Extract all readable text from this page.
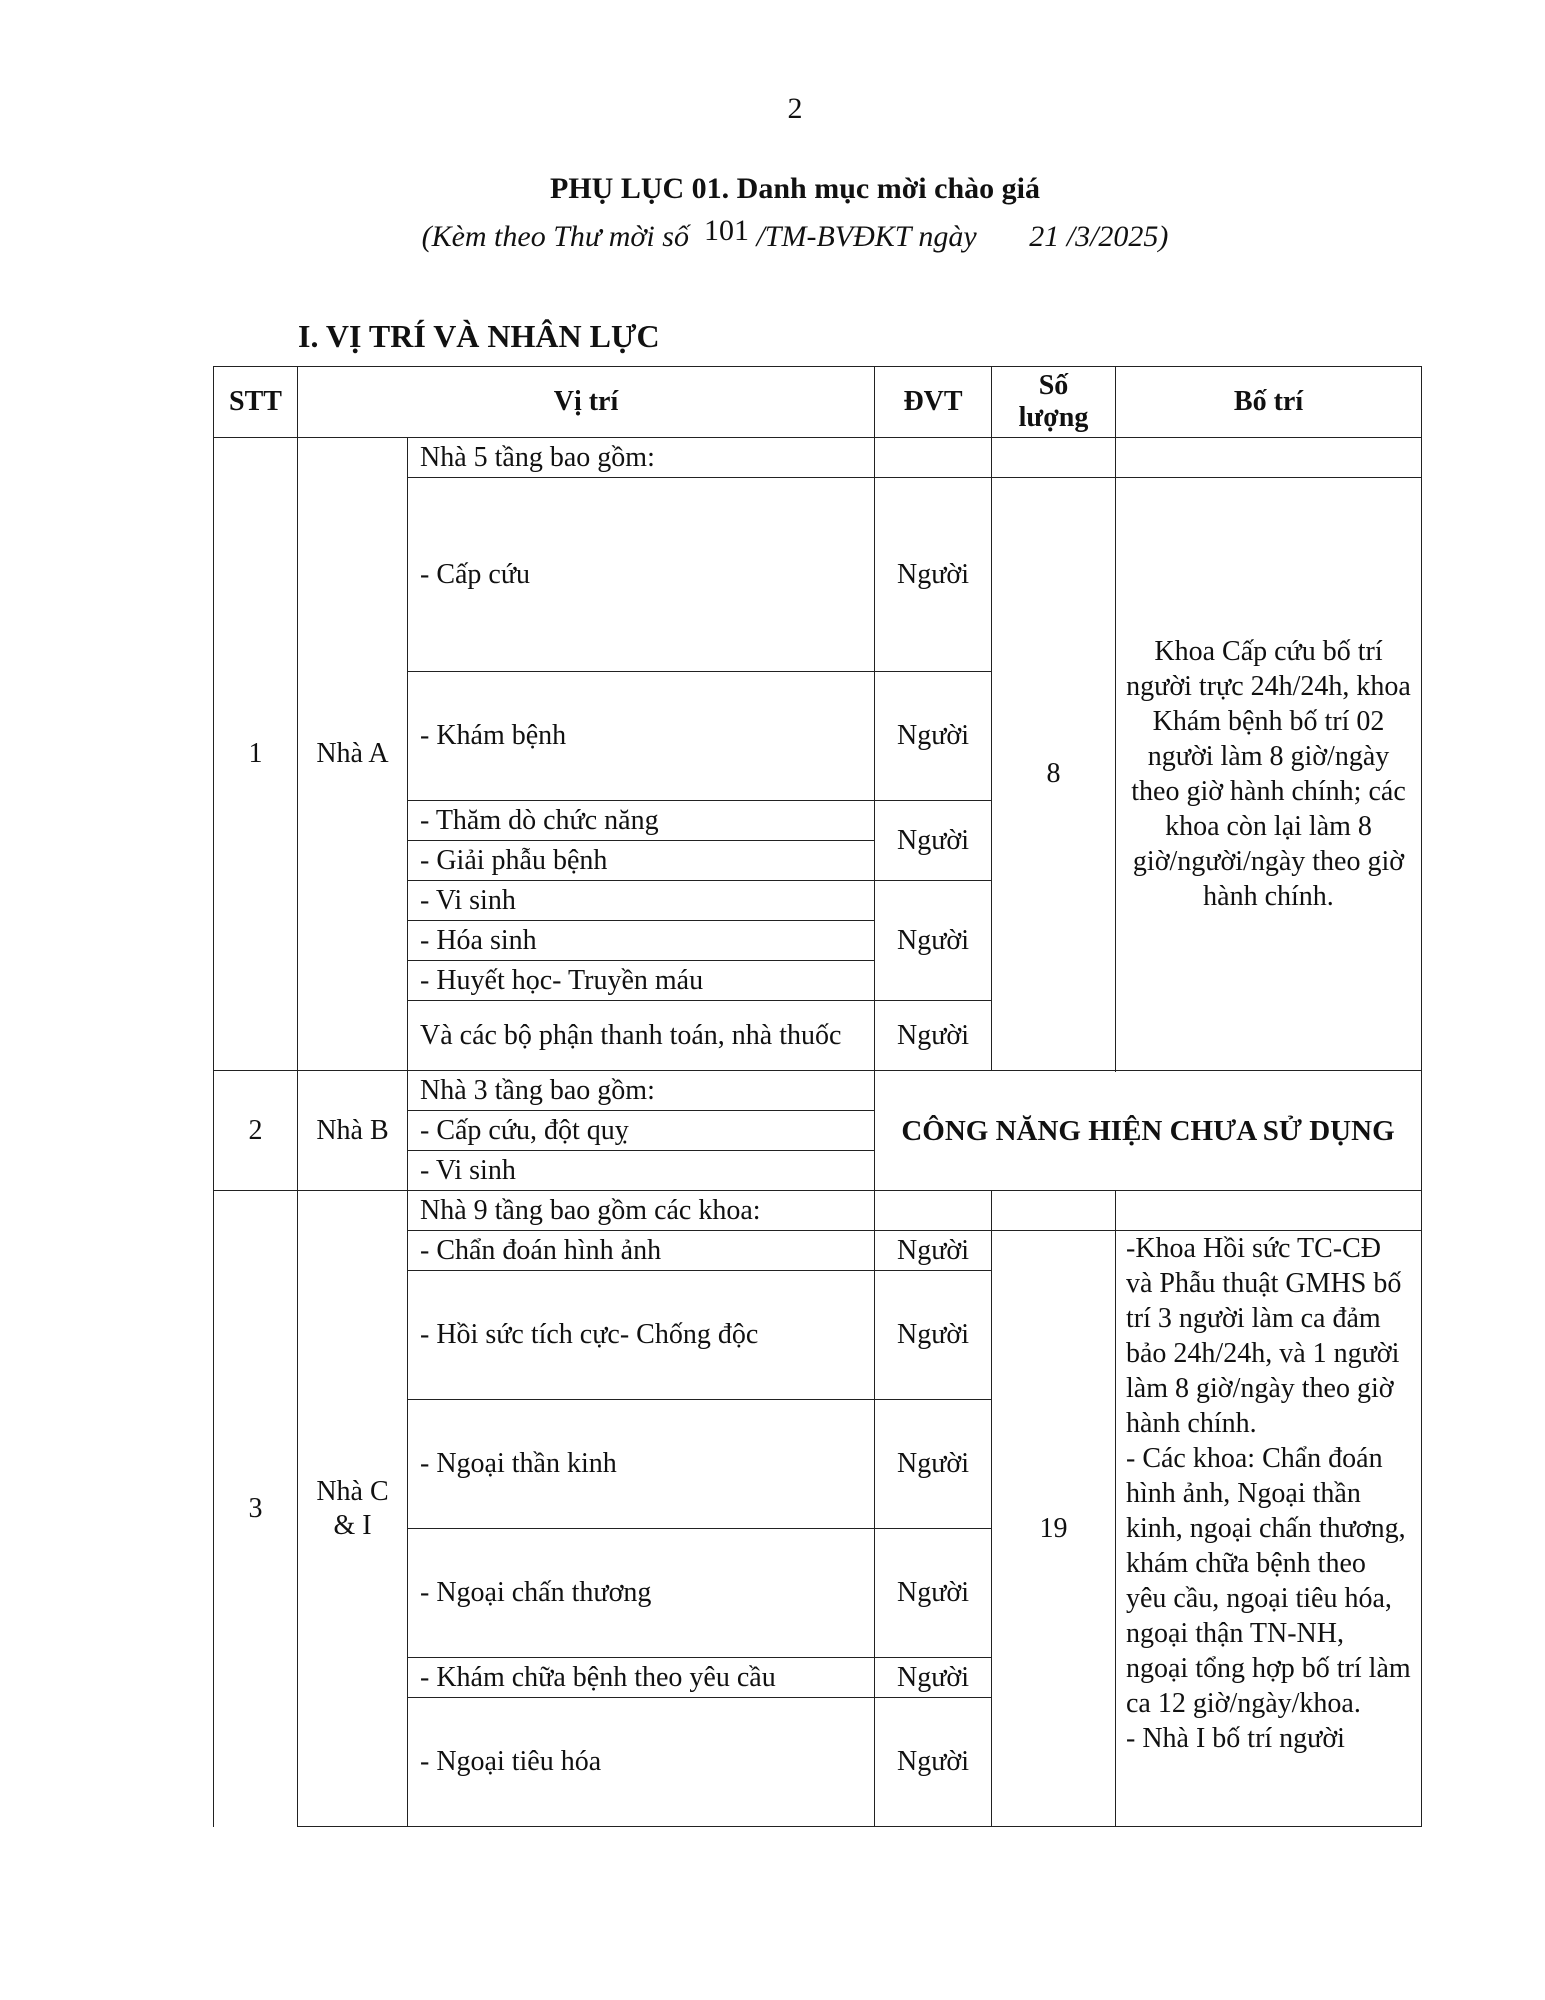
2
PHỤ LỤC 01. Danh mục mời chào giá
(Kèm theo Thư mời số 101 /TM-BVĐKT ngày 21 /3/2025)
I. VỊ TRÍ VÀ NHÂN LỰC
STT	Vị trí		ĐVT	Số lượng	Bố trí
1	Nhà A	Nhà 5 tầng bao gồm:			
		- Cấp cứu	Người	8	Khoa Cấp cứu bố trí người trực 24h/24h, khoa Khám bệnh bố trí 02 người làm 8 giờ/ngày theo giờ hành chính; các khoa còn lại làm 8 giờ/người/ngày theo giờ hành chính.
		- Khám bệnh	Người		
		- Thăm dò chức năng	Người		
		- Giải phẫu bệnh			
		- Vi sinh	Người		
		- Hóa sinh			
		- Huyết học- Truyền máu			
		Và các bộ phận thanh toán, nhà thuốc	Người		

2	Nhà B	Nhà 3 tầng bao gồm:	CÔNG NĂNG HIỆN CHƯA SỬ DỤNG		
		- Cấp cứu, đột quỵ			
		- Vi sinh			
3	Nhà C & I	Nhà 9 tầng bao gồm các khoa:			
		- Chẩn đoán hình ảnh	Người	19	-Khoa Hồi sức TC-CĐ và Phẫu thuật GMHS bố trí 3 người làm ca đảm bảo 24h/24h, và 1 người làm 8 giờ/ngày theo giờ hành chính.
- Các khoa: Chẩn đoán hình ảnh, Ngoại thần kinh, ngoại chấn thương, khám chữa bệnh theo yêu cầu, ngoại tiêu hóa, ngoại thận TN-NH, ngoại tổng hợp bố trí làm ca 12 giờ/ngày/khoa.
- Nhà I bố trí người

		- Hồi sức tích cực- Chống độc	Người		
		- Ngoại thần kinh	Người		
		- Ngoại chấn thương	Người		
		- Khám chữa bệnh theo yêu cầu	Người		
		- Ngoại tiêu hóa	Người		
